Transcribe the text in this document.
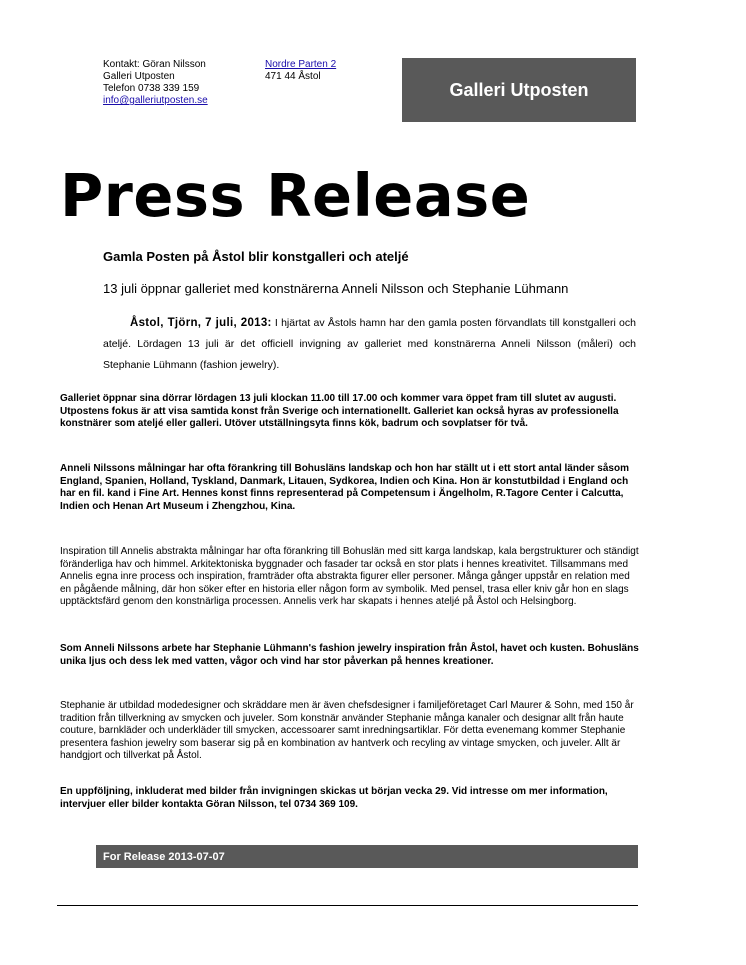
Kontakt: Göran Nilsson
Galleri Utposten
Telefon 0738 339 159
info@galleriutposten.se
Nordre Parten 2
471 44 Åstol
Galleri Utposten
Press Release
Gamla Posten på Åstol blir konstgalleri och ateljé
13 juli öppnar galleriet med konstnärerna Anneli Nilsson och Stephanie Lühmann
Åstol, Tjörn, 7 juli, 2013: I hjärtat av Åstols hamn har den gamla posten förvandlats till konstgalleri och ateljé. Lördagen 13 juli är det officiell invigning av galleriet med konstnärerna Anneli Nilsson (måleri) och Stephanie Lühmann (fashion jewelry).
Galleriet öppnar sina dörrar lördagen 13 juli klockan 11.00 till 17.00 och kommer vara öppet fram till slutet av augusti. Utpostens fokus är att visa samtida konst från Sverige och internationellt. Galleriet kan också hyras av professionella konstnärer som ateljé eller galleri. Utöver utställningsyta finns kök, badrum och sovplatser för två.
Anneli Nilssons målningar har ofta förankring till Bohusläns landskap och hon har ställt ut i ett stort antal länder såsom England, Spanien, Holland, Tyskland, Danmark, Litauen, Sydkorea, Indien och Kina. Hon är konstutbildad i England och har en fil. kand i Fine Art. Hennes konst finns representerad på Competensum i Ängelholm, R.Tagore Center i Calcutta, Indien och Henan Art Museum i Zhengzhou, Kina.
Inspiration till Annelis abstrakta målningar har ofta förankring till Bohuslän med sitt karga landskap, kala bergstrukturer och ständigt föränderliga hav och himmel. Arkitektoniska byggnader och fasader tar också en stor plats i hennes kreativitet. Tillsammans med Annelis egna inre process och inspiration, framträder ofta abstrakta figurer eller personer. Många gånger uppstår en relation med en pågående målning, där hon söker efter en historia eller någon form av symbolik. Med pensel, trasa eller kniv går hon en slags upptäcktsfärd genom den konstnärliga processen. Annelis verk har skapats i hennes ateljé på Åstol och Helsingborg.
Som Anneli Nilssons arbete har Stephanie Lühmann's fashion jewelry inspiration från Åstol, havet och kusten. Bohusläns unika ljus och dess lek med vatten, vågor och vind har stor påverkan på hennes kreationer.
Stephanie är utbildad modedesigner och skräddare men är även chefsdesigner i familjeföretaget Carl Maurer & Sohn, med 150 år tradition från tillverkning av smycken och juveler. Som konstnär använder Stephanie många kanaler och designar allt från haute couture, barnkläder och underkläder till smycken, accessoarer samt inredningsartiklar. För detta evenemang kommer Stephanie presentera fashion jewelry som baserar sig på en kombination av hantverk och recyling av vintage smycken, och juveler. Allt är handgjort och tillverkat på Åstol.
En uppföljning, inkluderat med bilder från invigningen skickas ut början vecka 29. Vid intresse om mer information, intervjuer eller bilder kontakta Göran Nilsson, tel 0734 369 109.
For Release 2013-07-07
